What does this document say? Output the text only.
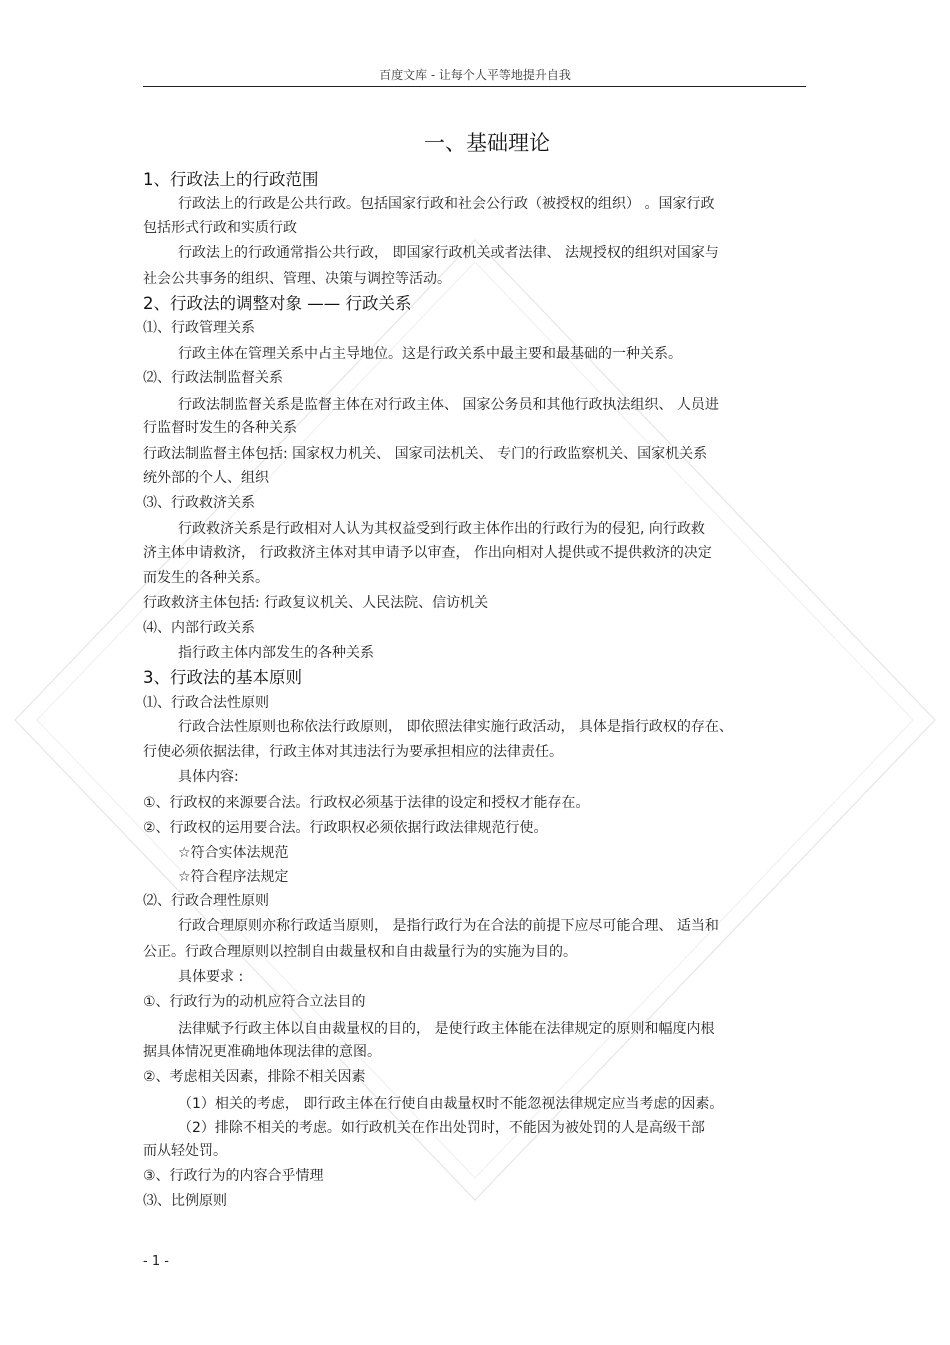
百度文库 - 让每个人平等地提升自我
一、基础理论
1、行政法上的行政范围
行政法上的行政是公共行政。包括国家行政和社会公行政（被授权的组织） 。国家行政
包括形式行政和实质行政
行政法上的行政通常指公共行政， 即国家行政机关或者法律、 法规授权的组织对国家与
社会公共事务的组织、管理、决策与调控等活动。
2、行政法的调整对象 —— 行政关系
⑴、行政管理关系
行政主体在管理关系中占主导地位。这是行政关系中最主要和最基础的一种关系。
⑵、行政法制监督关系
行政法制监督关系是监督主体在对行政主体、 国家公务员和其他行政执法组织、 人员进
行监督时发生的各种关系
行政法制监督主体包括: 国家权力机关、 国家司法机关、 专门的行政监察机关、国家机关系
统外部的个人、组织
⑶、行政救济关系
行政救济关系是行政相对人认为其权益受到行政主体作出的行政行为的侵犯, 向行政救
济主体申请救济， 行政救济主体对其申请予以审查， 作出向相对人提供或不提供救济的决定
而发生的各种关系。
行政救济主体包括: 行政复议机关、人民法院、信访机关
⑷、内部行政关系
指行政主体内部发生的各种关系
3、行政法的基本原则
⑴、行政合法性原则
行政合法性原则也称依法行政原则， 即依照法律实施行政活动， 具体是指行政权的存在、
行使必须依据法律，行政主体对其违法行为要承担相应的法律责任。
具体内容:
①、行政权的来源要合法。行政权必须基于法律的设定和授权才能存在。
②、行政权的运用要合法。行政职权必须依据行政法律规范行使。
☆符合实体法规范
☆符合程序法规定
⑵、行政合理性原则
行政合理原则亦称行政适当原则， 是指行政行为在合法的前提下应尽可能合理、 适当和
公正。行政合理原则以控制自由裁量权和自由裁量行为的实施为目的。
具体要求 :
①、行政行为的动机应符合立法目的
法律赋予行政主体以自由裁量权的目的， 是使行政主体能在法律规定的原则和幅度内根
据具体情况更准确地体现法律的意图。
②、考虑相关因素，排除不相关因素
（1）相关的考虑， 即行政主体在行使自由裁量权时不能忽视法律规定应当考虑的因素。
（2）排除不相关的考虑。如行政机关在作出处罚时，不能因为被处罚的人是高级干部
而从轻处罚。
③、行政行为的内容合乎情理
⑶、比例原则
- 1 -
